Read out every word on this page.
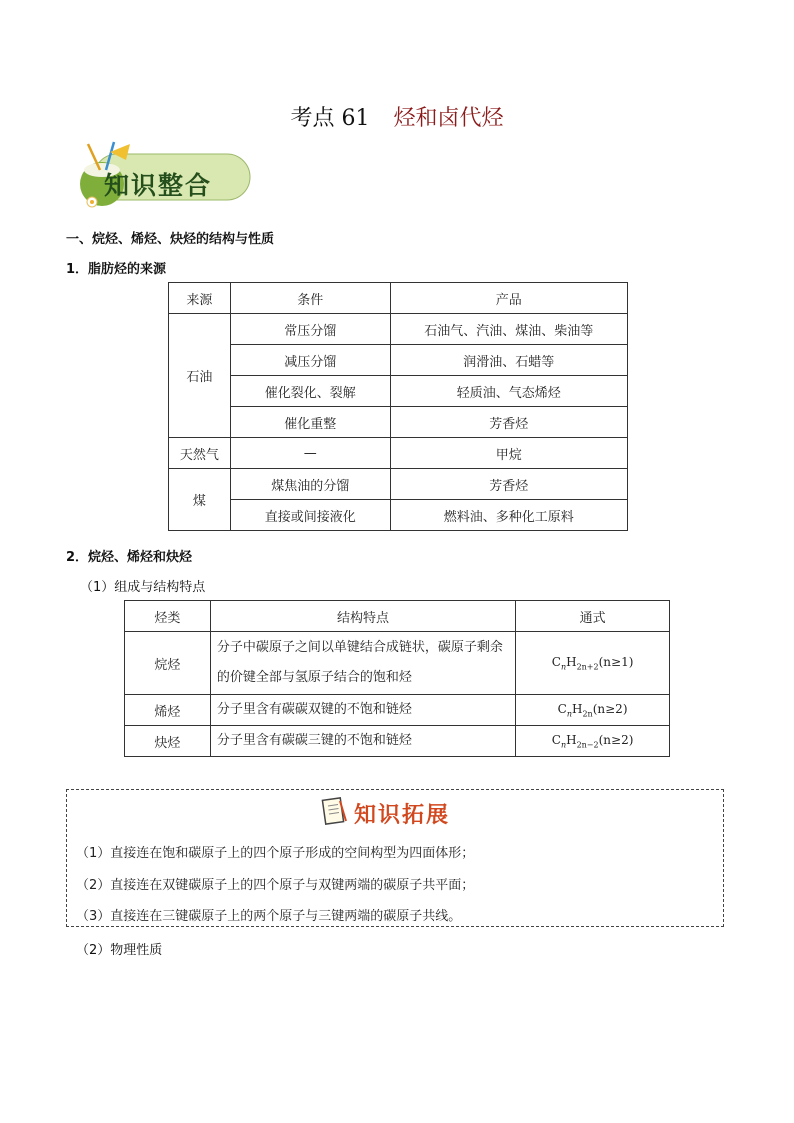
考点 61 烃和卤代烃
知识整合
一、烷烃、烯烃、炔烃的结构与性质
1．脂肪烃的来源
来源	条件	产品
石油	常压分馏	石油气、汽油、煤油、柴油等
	减压分馏	润滑油、石蜡等
	催化裂化、裂解	轻质油、气态烯烃
	催化重整	芳香烃
天然气	—	甲烷
煤	煤焦油的分馏	芳香烃
	直接或间接液化	燃料油、多种化工原料
2．烷烃、烯烃和炔烃
（1）组成与结构特点
烃类	结构特点	通式
烷烃	分子中碳原子之间以单键结合成链状，碳原子剩余的价键全部与氢原子结合的饱和烃	$C_nH_{2n+2}(n\ge 1)$
烯烃	分子里含有碳碳双键的不饱和链烃	$C_nH_{2n}(n\ge 2)$
炔烃	分子里含有碳碳三键的不饱和链烃	$C_nH_{2n-2}(n\ge 2)$
知识拓展
（1）直接连在饱和碳原子上的四个原子形成的空间构型为四面体形；
（2）直接连在双键碳原子上的四个原子与双键两端的碳原子共平面；
（3）直接连在三键碳原子上的两个原子与三键两端的碳原子共线。
（2）物理性质
